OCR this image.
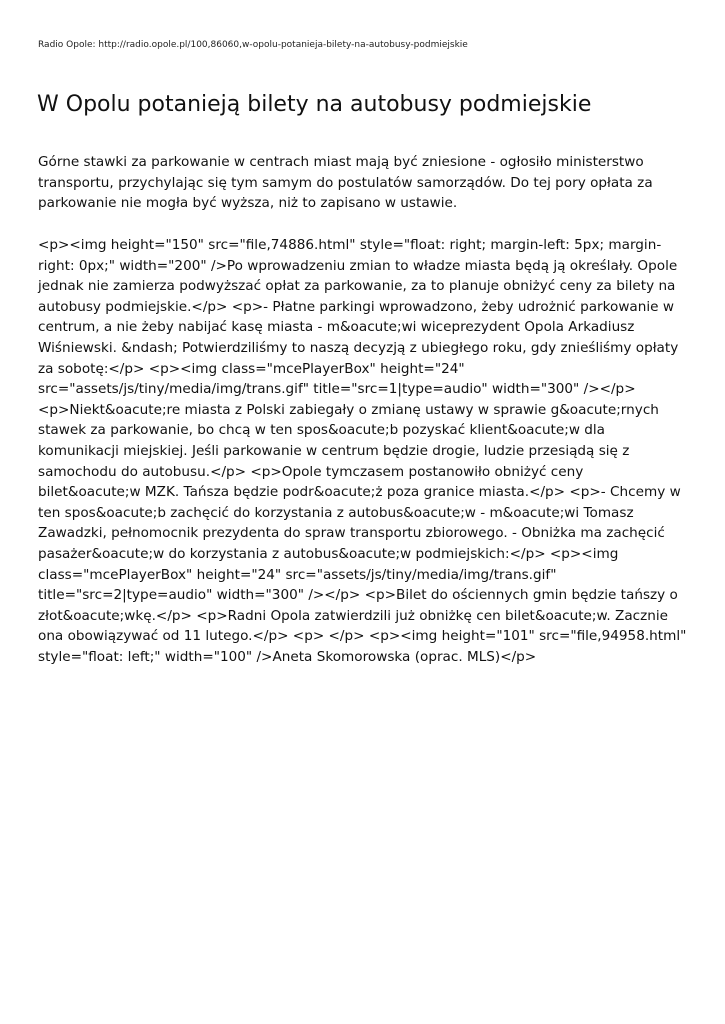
Radio Opole: http://radio.opole.pl/100,86060,w-opolu-potanieja-bilety-na-autobusy-podmiejskie
W Opolu potanieją bilety na autobusy podmiejskie

Górne stawki za parkowanie w centrach miast mają być zniesione - ogłosiło ministerstwo transportu, przychylając się tym samym do postulatów samorządów. Do tej pory opłata za parkowanie nie mogła być wyższa, niż to zapisano w ustawie.

<p><img height="150" src="file,74886.html" style="float: right; margin-left: 5px; margin-right: 0px;" width="200" />Po wprowadzeniu zmian to władze miasta będą ją określały. Opole jednak nie zamierza podwyższać opłat za parkowanie, za to planuje obniżyć ceny za bilety na autobusy podmiejskie.</p> <p>- Płatne parkingi wprowadzono, żeby udrożnić parkowanie w centrum, a nie żeby nabijać kasę miasta - m&oacute;wi wiceprezydent Opola Arkadiusz Wiśniewski. &ndash; Potwierdziliśmy to naszą decyzją z ubiegłego roku, gdy znieśliśmy opłaty za sobotę:</p> <p><img class="mcePlayerBox" height="24" src="assets/js/tiny/media/img/trans.gif" title="src=1|type=audio" width="300" /></p> <p>Niekt&oacute;re miasta z Polski zabiegały o zmianę ustawy w sprawie g&oacute;rnych stawek za parkowanie, bo chcą w ten spos&oacute;b pozyskać klient&oacute;w dla komunikacji miejskiej. Jeśli parkowanie w centrum będzie drogie, ludzie przesiądą się z samochodu do autobusu.</p> <p>Opole tymczasem postanowiło obniżyć ceny bilet&oacute;w MZK. Tańsza będzie podr&oacute;ż poza granice miasta.</p> <p>- Chcemy w ten spos&oacute;b zachęcić do korzystania z autobus&oacute;w - m&oacute;wi Tomasz Zawadzki, pełnomocnik prezydenta do spraw transportu zbiorowego. - Obniżka ma zachęcić pasażer&oacute;w do korzystania z autobus&oacute;w podmiejskich:</p> <p><img class="mcePlayerBox" height="24" src="assets/js/tiny/media/img/trans.gif" title="src=2|type=audio" width="300" /></p> <p>Bilet do ościennych gmin będzie tańszy o złot&oacute;wkę.</p> <p>Radni Opola zatwierdzili już obniżkę cen bilet&oacute;w. Zacznie ona obowiązywać od 11 lutego.</p> <p> </p> <p><img height="101" src="file,94958.html" style="float: left;" width="100" />Aneta Skomorowska (oprac. MLS)</p>
